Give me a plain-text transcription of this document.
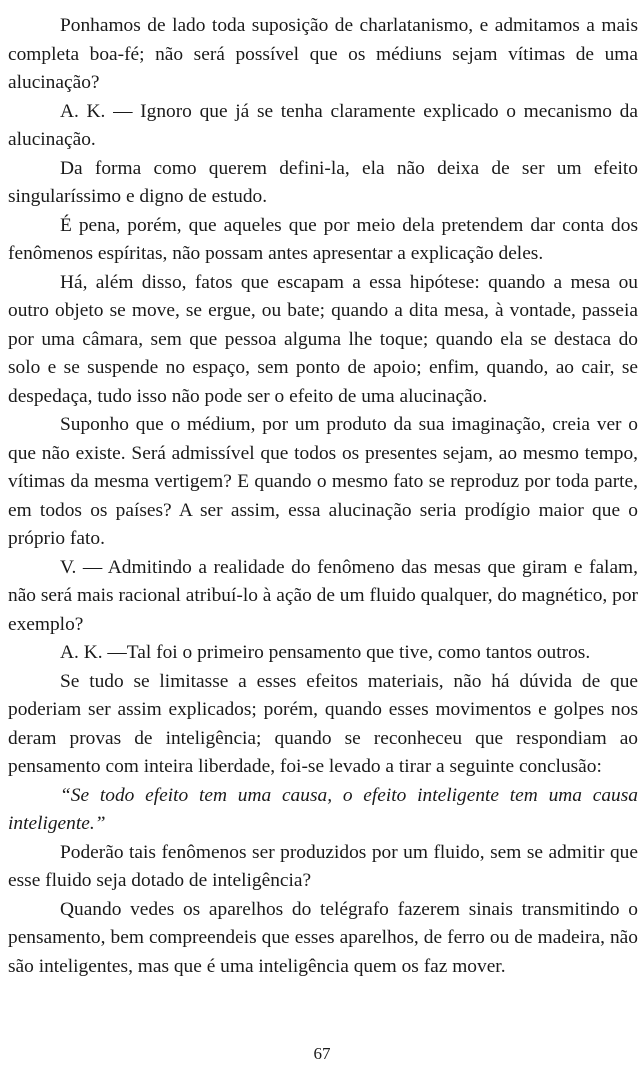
Ponhamos de lado toda suposição de charlatanismo, e admitamos a mais completa boa-fé; não será possível que os médiuns sejam vítimas de uma alucinação?

A. K. — Ignoro que já se tenha claramente explicado o mecanismo da alucinação.

Da forma como querem defini-la, ela não deixa de ser um efeito singularíssimo e digno de estudo.

É pena, porém, que aqueles que por meio dela pretendem dar conta dos fenômenos espíritas, não possam antes apresentar a explicação deles.

Há, além disso, fatos que escapam a essa hipótese: quando a mesa ou outro objeto se move, se ergue, ou bate; quando a dita mesa, à vontade, passeia por uma câmara, sem que pessoa alguma lhe toque; quando ela se destaca do solo e se suspende no espaço, sem ponto de apoio; enfim, quando, ao cair, se despedaça, tudo isso não pode ser o efeito de uma alucinação.

Suponho que o médium, por um produto da sua imaginação, creia ver o que não existe. Será admissível que todos os presentes sejam, ao mesmo tempo, vítimas da mesma vertigem? E quando o mesmo fato se reproduz por toda parte, em todos os países? A ser assim, essa alucinação seria prodígio maior que o próprio fato.

V. — Admitindo a realidade do fenômeno das mesas que giram e falam, não será mais racional atribuí-lo à ação de um fluido qualquer, do magnético, por exemplo?

A. K. —Tal foi o primeiro pensamento que tive, como tantos outros.

Se tudo se limitasse a esses efeitos materiais, não há dúvida de que poderiam ser assim explicados; porém, quando esses movimentos e golpes nos deram provas de inteligência; quando se reconheceu que respondiam ao pensamento com inteira liberdade, foi-se levado a tirar a seguinte conclusão:

“Se todo efeito tem uma causa, o efeito inteligente tem uma causa inteligente.”

Poderão tais fenômenos ser produzidos por um fluido, sem se admitir que esse fluido seja dotado de inteligência?

Quando vedes os aparelhos do telégrafo fazerem sinais transmitindo o pensamento, bem compreendeis que esses aparelhos, de ferro ou de madeira, não são inteligentes, mas que é uma inteligência quem os faz mover.

67
